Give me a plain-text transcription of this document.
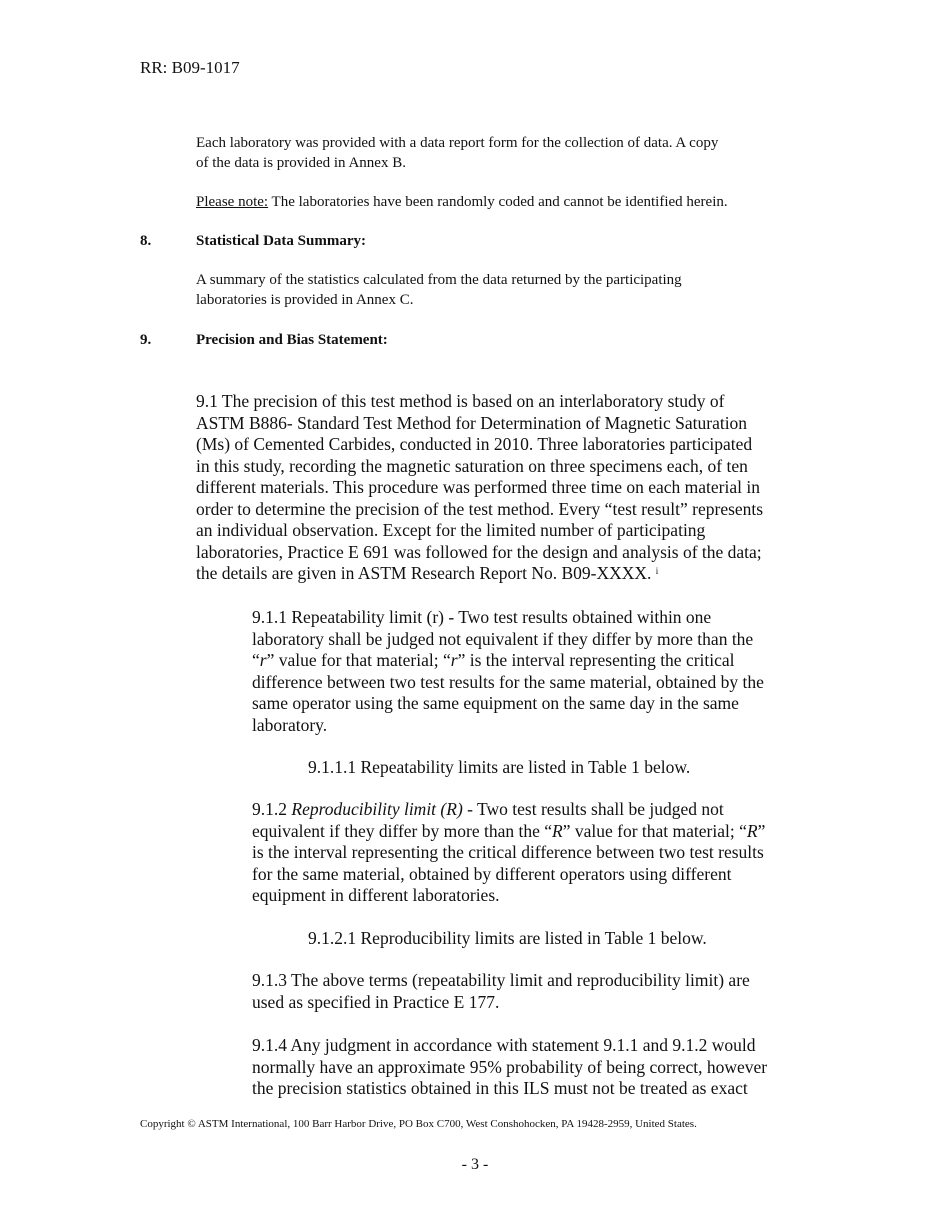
RR: B09-1017
Each laboratory was provided with a data report form for the collection of data. A copy
of the data is provided in Annex B.
Please note: The laboratories have been randomly coded and cannot be identified herein.
8.	Statistical Data Summary:
A summary of the statistics calculated from the data returned by the participating
laboratories is provided in Annex C.
9.	Precision and Bias Statement:
9.1 The precision of this test method is based on an interlaboratory study of
ASTM B886- Standard Test Method for Determination of Magnetic Saturation
(Ms) of Cemented Carbides, conducted in 2010. Three laboratories participated
in this study, recording the magnetic saturation on three specimens each, of ten
different materials. This procedure was performed three time on each material in
order to determine the precision of the test method. Every “test result” represents
an individual observation. Except for the limited number of participating
laboratories, Practice E 691 was followed for the design and analysis of the data;
the details are given in ASTM Research Report No. B09-XXXX. $^i$
9.1.1 Repeatability limit (r) - Two test results obtained within one
laboratory shall be judged not equivalent if they differ by more than the
“r” value for that material; “r” is the interval representing the critical
difference between two test results for the same material, obtained by the
same operator using the same equipment on the same day in the same
laboratory.
9.1.1.1 Repeatability limits are listed in Table 1 below.
9.1.2 Reproducibility limit (R) - Two test results shall be judged not
equivalent if they differ by more than the “R” value for that material; “R”
is the interval representing the critical difference between two test results
for the same material, obtained by different operators using different
equipment in different laboratories.
9.1.2.1 Reproducibility limits are listed in Table 1 below.
9.1.3 The above terms (repeatability limit and reproducibility limit) are
used as specified in Practice E 177.
9.1.4 Any judgment in accordance with statement 9.1.1 and 9.1.2 would
normally have an approximate 95% probability of being correct, however
the precision statistics obtained in this ILS must not be treated as exact
Copyright © ASTM International, 100 Barr Harbor Drive, PO Box C700, West Conshohocken, PA 19428-2959, United States.
- 3 -
